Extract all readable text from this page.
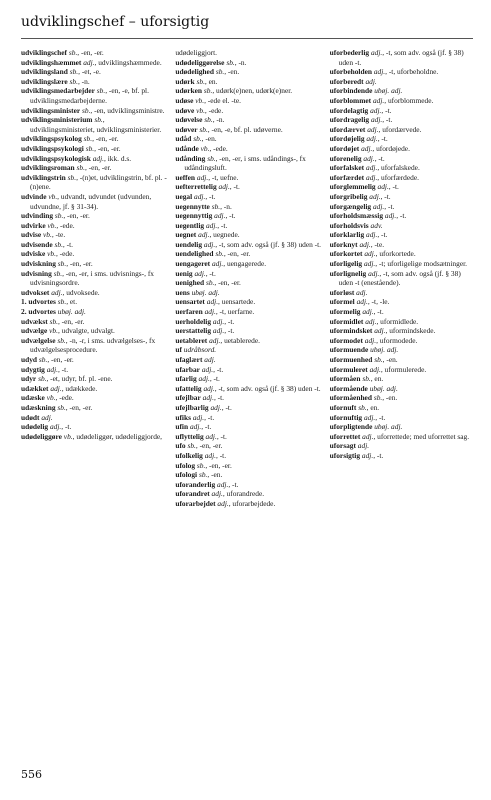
udviklingschef – uforsigtig

udviklingschef sb., -en, -er.

udviklingshæmmet adj., udviklingshæmmede.

udviklingsland sb., -et, -e.

udviklingslære sb., -n.

udviklingsmedarbejder sb., -en, -e, bf. pl. udviklingsmedarbejderne.

udviklingsminister sb., -en, udviklingsministre.

udviklingsministerium sb., udviklingsministeriet, udviklingsministerier.

udviklingspsykolog sb., -en, -er.

udviklingspsykologi sb., -en, -er.

udviklingspsykologisk adj., ikk. d.s.

udviklingsroman sb., -en, -er.

udviklingstrin sb., -(n)et, udviklingstrin, bf. pl. -(n)ene.

udvinde vb., udvandt, udvundet (udvunden, udvundne, jf. § 31-34).

udvinding sb., -en, -er.

udvirke vb., -ede.

udvise vb., -te.

udvisende sb., -t.

udviske vb., -ede.

udviskning sb., -en, -er.

udvisning sb., -en, -er, i sms. udvisnings-, fx udvisningsordre.

udvokset adj., udvoksede.

1. udvortes sb., et.

2. udvortes ubøj. adj.

udvækst sb., -en, -er.

udvælge vb., udvalgte, udvalgt.

udvælgelse sb., -n, -r, i sms. udvælgelses-, fx udvælgelsesprocedure.

udyd sb., -en, -er.

udygtig adj., -t.

udyr sb., -et, udyr, bf. pl. -ene.

udækket adj., udækkede.

udæske vb., -ede.

udæskning sb., -en, -er.

udødt adj.

udødelig adj., -t.

udødeliggøre vb., udødeliggør, udødeliggjorde,

udødeliggjort.

udødeliggørelse sb., -n.

udødelighed sb., -en.

udørk sb., en.

udørken sb., udørk(e)nen, udørk(e)ner.

udøse vb., -ede el. -te.

udøve vb., -ede.

udøvelse sb., -n.

udøver sb., -en, -e, bf. pl. udøverne.

udåd sb., -en.

udånde vb., -ede.

udånding sb., -en, -er, i sms. udåndings-, fx udåndingsluft.

ueffen adj., -t, uefne.

uefterrettelig adj., -t.

uegal adj., -t.

uegennytte sb., -n.

uegennyttig adj., -t.

uegentlig adj., -t.

uegnet adj., uegnede.

uendelig adj., -t, som adv. også (jf. § 38) uden -t.

uendelighed sb., -en, -er.

uengageret adj., uengagerede.

uenig adj., -t.

uenighed sb., -en, -er.

uens ubøj. adj.

uensartet adj., uensartede.

uerfaren adj., -t, uerfarne.

uerholdelig adj., -t.

uerstattelig adj., -t.

uetableret adj., uetablerede.

uf udråbsord.

ufaglært adj.

ufarbar adj., -t.

ufarlig adj., -t.

ufattelig adj., -t, som adv. også (jf. § 38) uden -t.

ufejlbar adj., -t.

ufejlbarlig adj., -t.

ufiks adj., -t.

ufin adj., -t.

uflyttelig adj., -t.

ufo sb., -en, -er.

ufolkelig adj., -t.

ufolog sb., -en, -er.

ufologi sb., -en.

uforanderlig adj., -t.

uforandret adj., uforandrede.

uforarbejdet adj., uforarbejdede.

uforbederlig adj., -t, som adv. også (jf. § 38) uden -t.

uforbeholden adj., -t, uforbeholdne.

uforberedt adj.

uforbindende ubøj. adj.

uforblommet adj., uforblommede.

ufordelagtig adj., -t.

ufordragelig adj., -t.

ufordærvet adj., ufordærvede.

ufordøjelig adj., -t.

ufordøjet adj., ufordøjede.

uforenelig adj., -t.

uforfalsket adj., uforfalskede.

uforfærdet adj., uforfærdede.

uforglemmelig adj., -t.

uforgribelig adj., -t.

uforgængelig adj., -t.

uforholdsmæssig adj., -t.

uforholdsvis adv.

uforklarlig adj., -t.

uforknyt adj., -te.

uforkortet adj., uforkortede.

uforligelig adj., -t; uforligelige modsætninger.

uforlignelig adj., -t, som adv. også (jf. § 38) uden -t (enestående).

uforløst adj.

uformel adj., -t, -le.

uformelig adj., -t.

uformidlet adj., uformidlede.

uformindsket adj., uformindskede.

uformodet adj., uformodede.

uformuende ubøj. adj.

uformuenhed sb., -en.

uformuleret adj., uformulerede.

uformåen sb., en.

uformående ubøj. adj.

uformåenhed sb., -en.

ufornuft sb., en.

ufornuftig adj., -t.

uforpligtende ubøj. adj.

uforrettet adj., uforrettede; med uforrettet sag.

uforsagt adj.

uforsigtig adj., -t.

556
